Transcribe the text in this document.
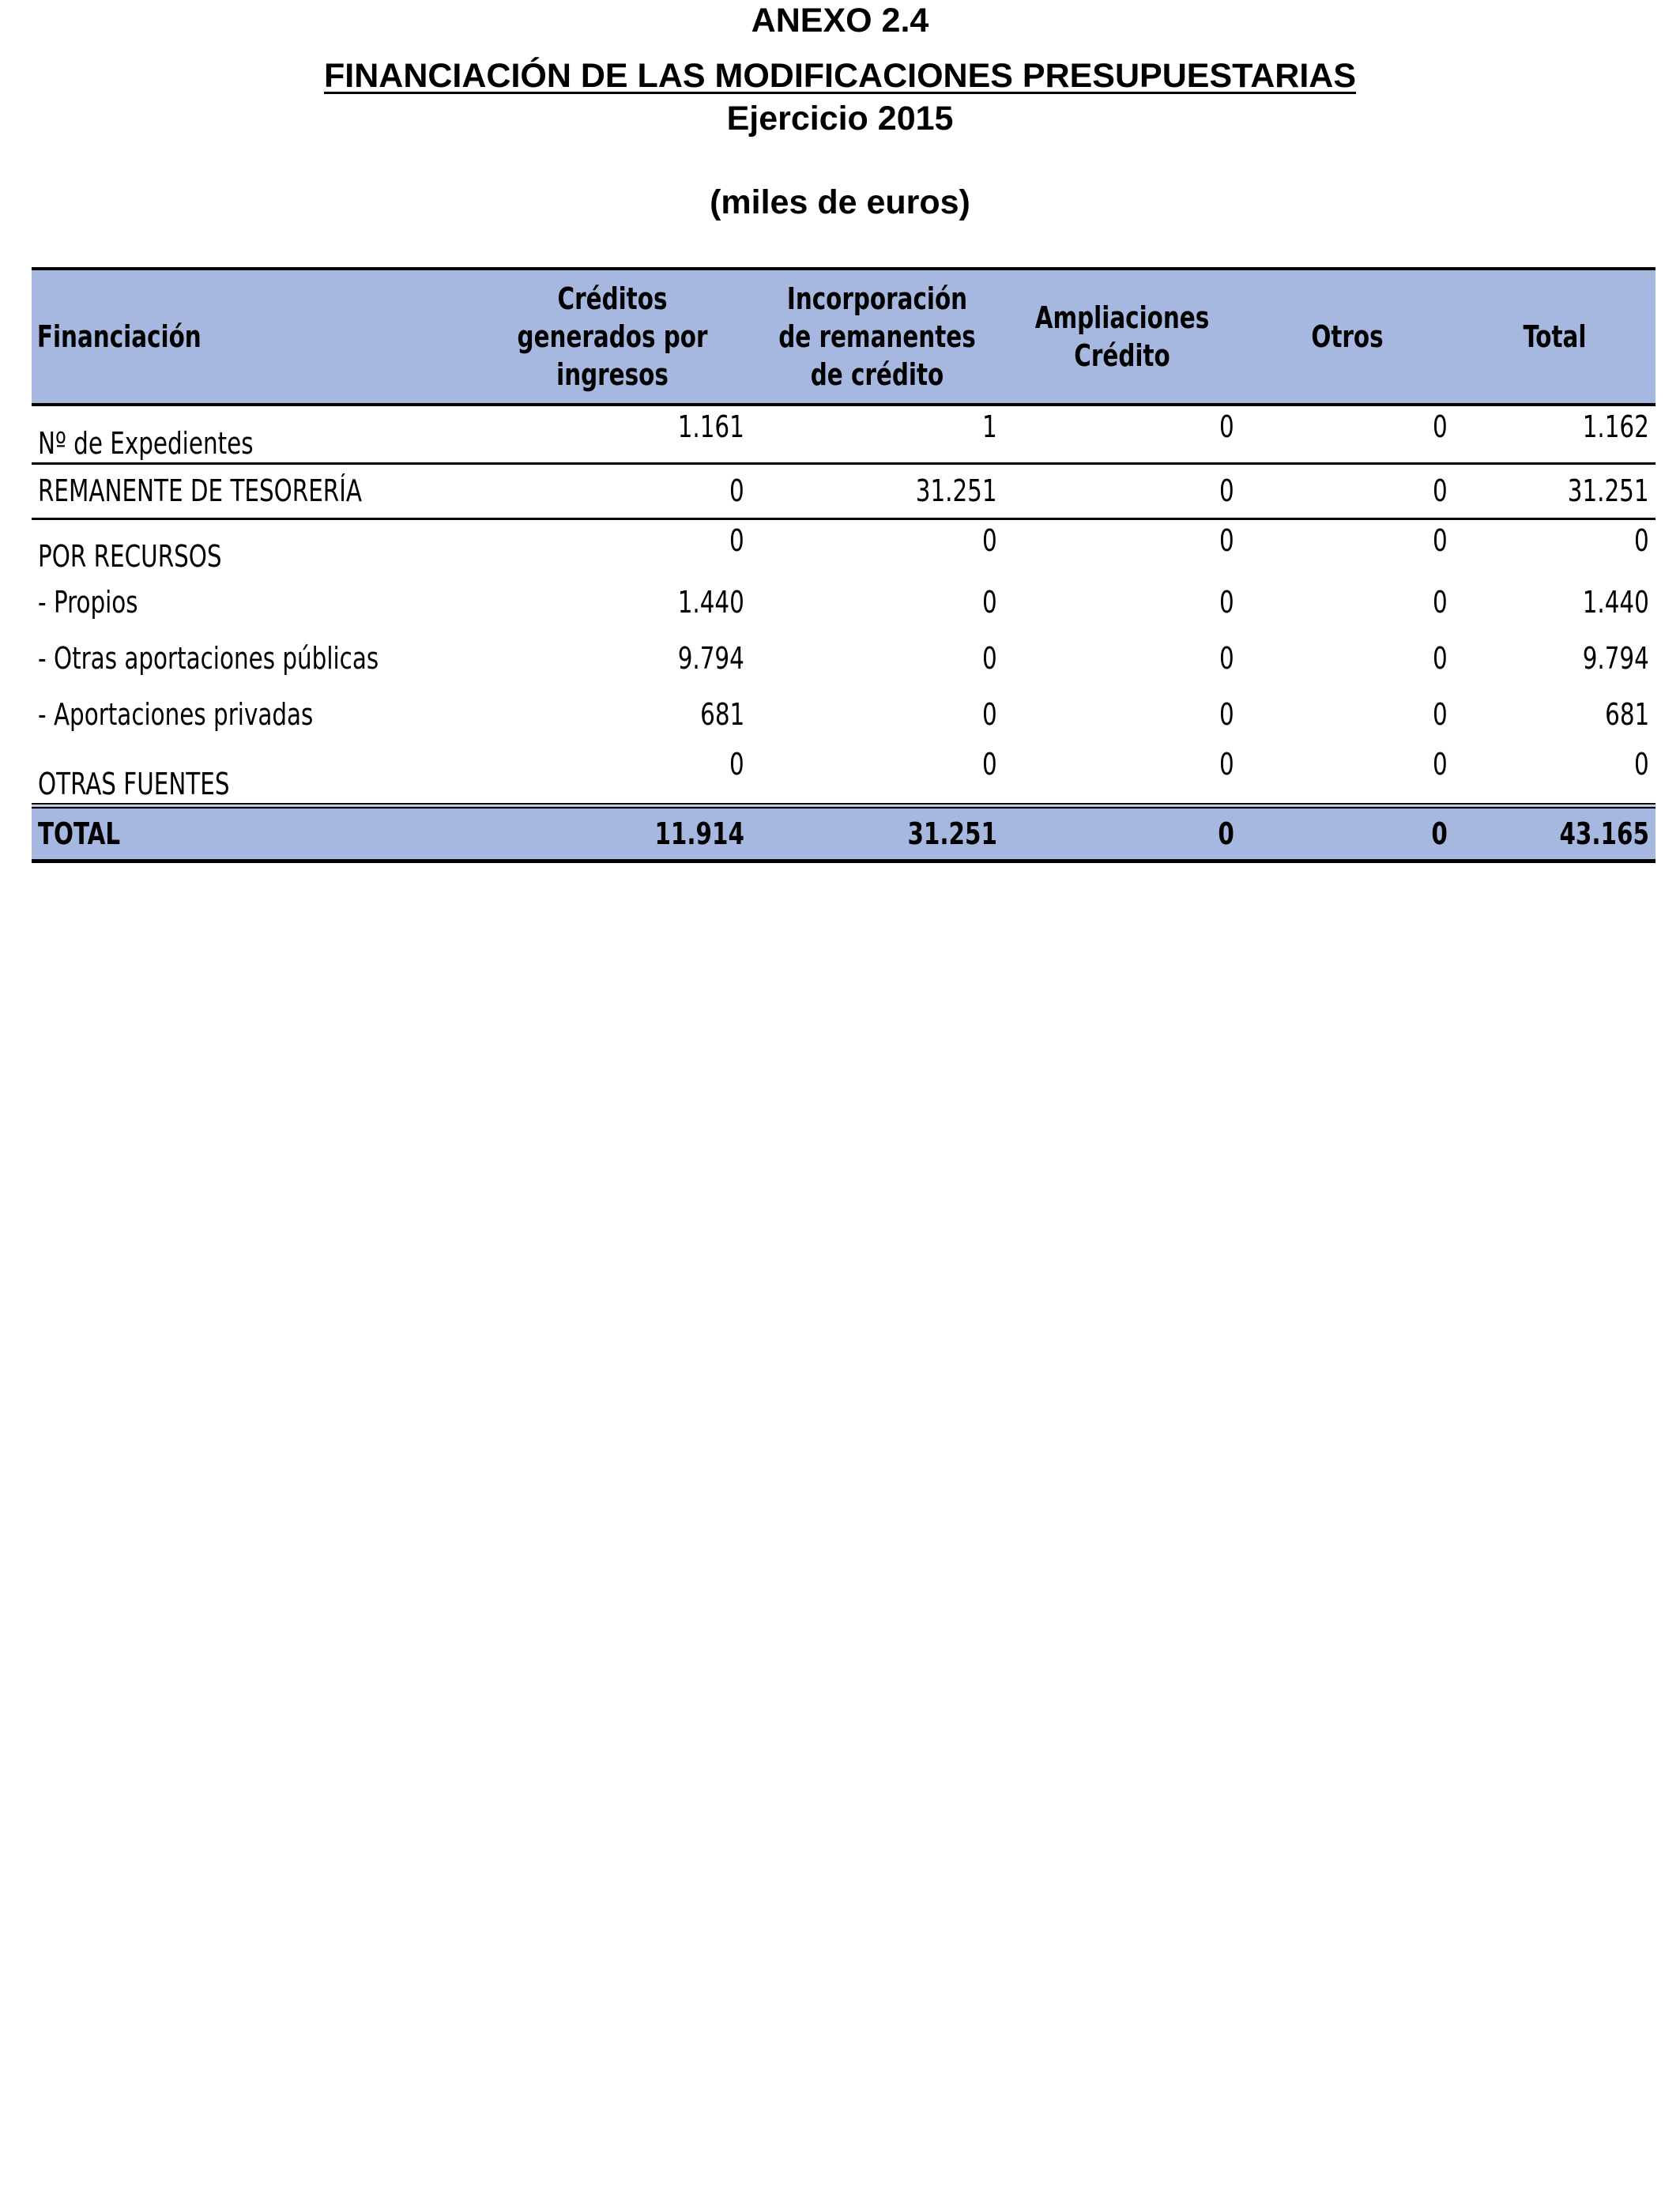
ANEXO 2.4
FINANCIACIÓN DE LAS MODIFICACIONES PRESUPUESTARIAS
Ejercicio 2015
(miles de euros)
Financiación	Créditos generados por ingresos	Incorporación de remanentes de crédito	Ampliaciones Crédito	Otros	Total
Nº de Expedientes	1.161	1	0	0	1.162
REMANENTE DE TESORERÍA	0	31.251	0	0	31.251
POR RECURSOS	0	0	0	0	0
- Propios	1.440	0	0	0	1.440
- Otras aportaciones públicas	9.794	0	0	0	9.794
- Aportaciones privadas	681	0	0	0	681
OTRAS FUENTES	0	0	0	0	0
TOTAL	11.914	31.251	0	0	43.165
